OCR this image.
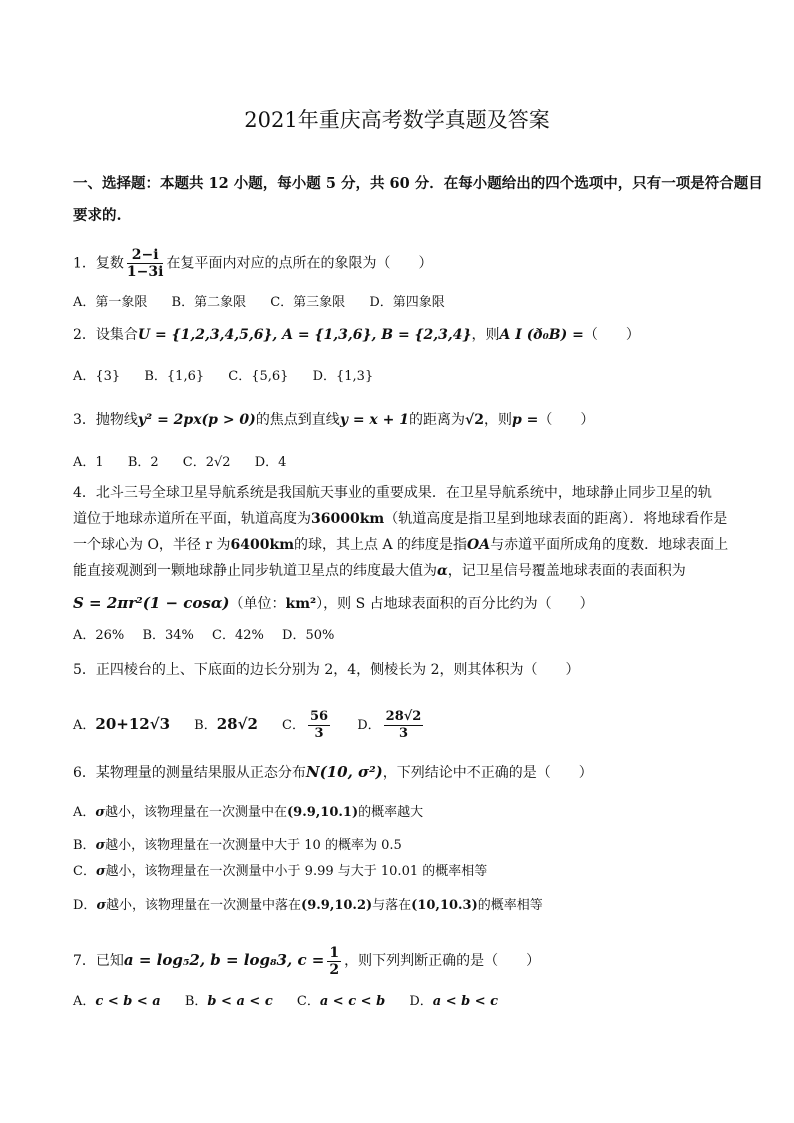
2021年重庆高考数学真题及答案
一、选择题：本题共 12 小题，每小题 5 分，共 60 分．在每小题给出的四个选项中，只有一项是符合题目
要求的.
1．复数 $\frac{2-i}{1-3i}$ 在复平面内对应的点所在的象限为（　　）
A．第一象限 B．第二象限 C．第三象限 D．第四象限
2．设集合U = {1,2,3,4,5,6}, A = {1,3,6}, B = {2,3,4}，则A I (ð₀B) =（　　）
A．{3} B．{1,6} C．{5,6} D．{1,3}
3．抛物线y² = 2px(p > 0)的焦点到直线y = x + 1的距离为√2，则p =（　　）
A．1 B．2 C．2√2 D．4
4．北斗三号全球卫星导航系统是我国航天事业的重要成果．在卫星导航系统中，地球静止同步卫星的轨
道位于地球赤道所在平面，轨道高度为36000km（轨道高度是指卫星到地球表面的距离）．将地球看作是
一个球心为 O，半径 r 为6400km的球，其上点 A 的纬度是指OA与赤道平面所成角的度数．地球表面上
能直接观测到一颗地球静止同步轨道卫星点的纬度最大值为α，记卫星信号覆盖地球表面的表面积为
S = 2πr²(1 − cosα)（单位：km²），则 S 占地球表面积的百分比约为（　　）
A．26% B．34% C．42% D．50%
5．正四棱台的上、下底面的边长分别为 2，4，侧棱长为 2，则其体积为（　　）
A．20+12√3 B．28√2 C． $\frac{56}{3}$ D． $\frac{28√2}{3}$
6．某物理量的测量结果服从正态分布N(10, σ²)，下列结论中不正确的是（　　）
A．σ越小，该物理量在一次测量中在(9.9,10.1)的概率越大
B．σ越小，该物理量在一次测量中大于 10 的概率为 0.5
C．σ越小，该物理量在一次测量中小于 9.99 与大于 10.01 的概率相等
D．σ越小，该物理量在一次测量中落在(9.9,10.2)与落在(10,10.3)的概率相等
7．已知a = log₅2, b = log₈3, $c = \frac{1}{2}$ ，则下列判断正确的是（　　）
A．c < b < a B．b < a < c C．a < c < b D．a < b < c
